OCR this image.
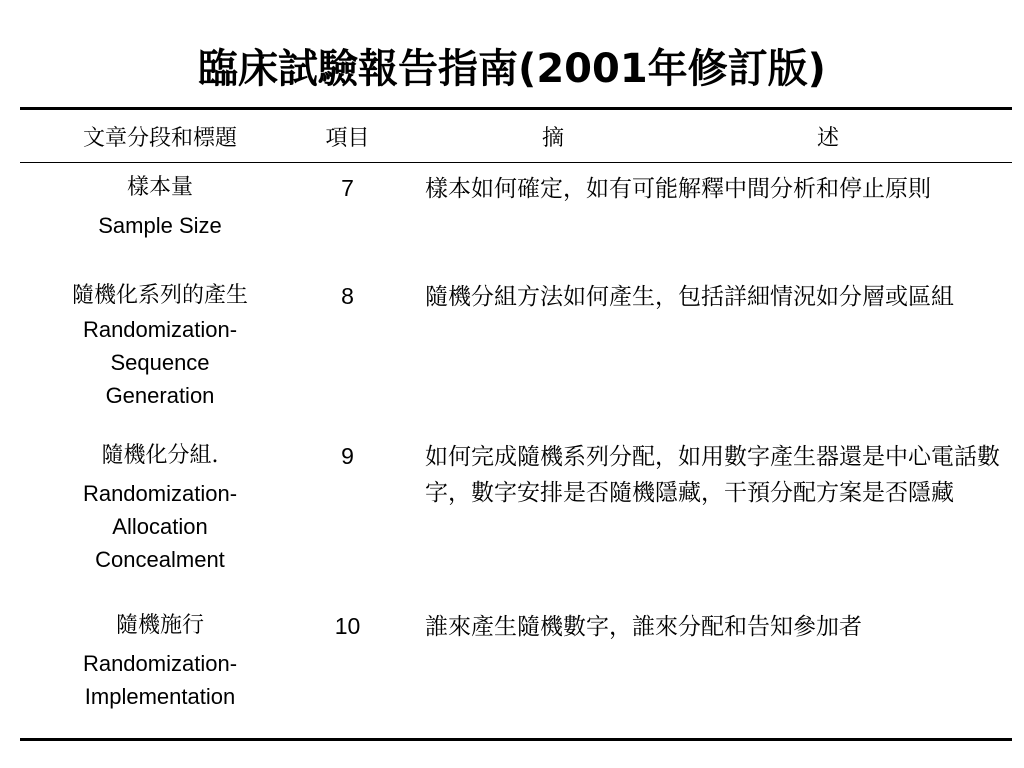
臨床試驗報告指南(2001年修訂版)
文章分段和標題	項目	摘 述

樣本量
Sample Size	7	樣本如何確定，如有可能解釋中間分析和停止原則

隨機化系列的產生
Randomization-Sequence Generation	8	隨機分組方法如何產生，包括詳細情況如分層或區組

隨機化分組.
Randomization-Allocation Concealment	9	如何完成隨機系列分配，如用數字產生器還是中心電話數字，數字安排是否隨機隱藏，干預分配方案是否隱藏

隨機施行
Randomization-Implementation	10	誰來產生隨機數字，誰來分配和告知參加者
